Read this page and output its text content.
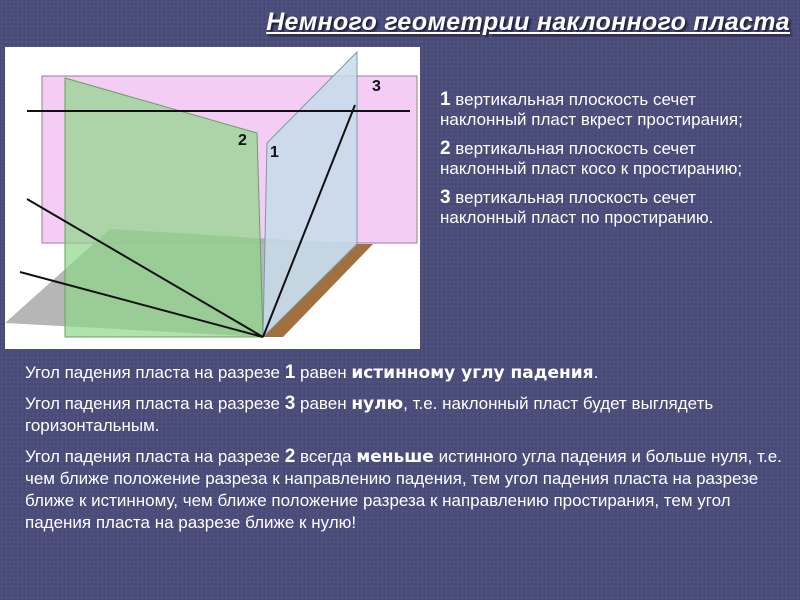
Немного геометрии наклонного пласта
2
1
3

1 вертикальная плоскость сечет наклонный пласт вкрест простирания;

2 вертикальная плоскость сечет наклонный пласт косо к простиранию;

3 вертикальная плоскость сечет наклонный пласт по простиранию.

Угол падения пласта на разрезе 1 равен истинному углу падения.

Угол падения пласта на разрезе 3 равен нулю, т.е. наклонный пласт будет выглядеть горизонтальным.

Угол падения пласта на разрезе 2 всегда меньше истинного угла падения и больше нуля, т.е. чем ближе положение разреза к направлению падения, тем угол падения пласта на разрезе ближе к истинному, чем ближе положение разреза к направлению простирания, тем угол падения пласта на разрезе ближе к нулю!
